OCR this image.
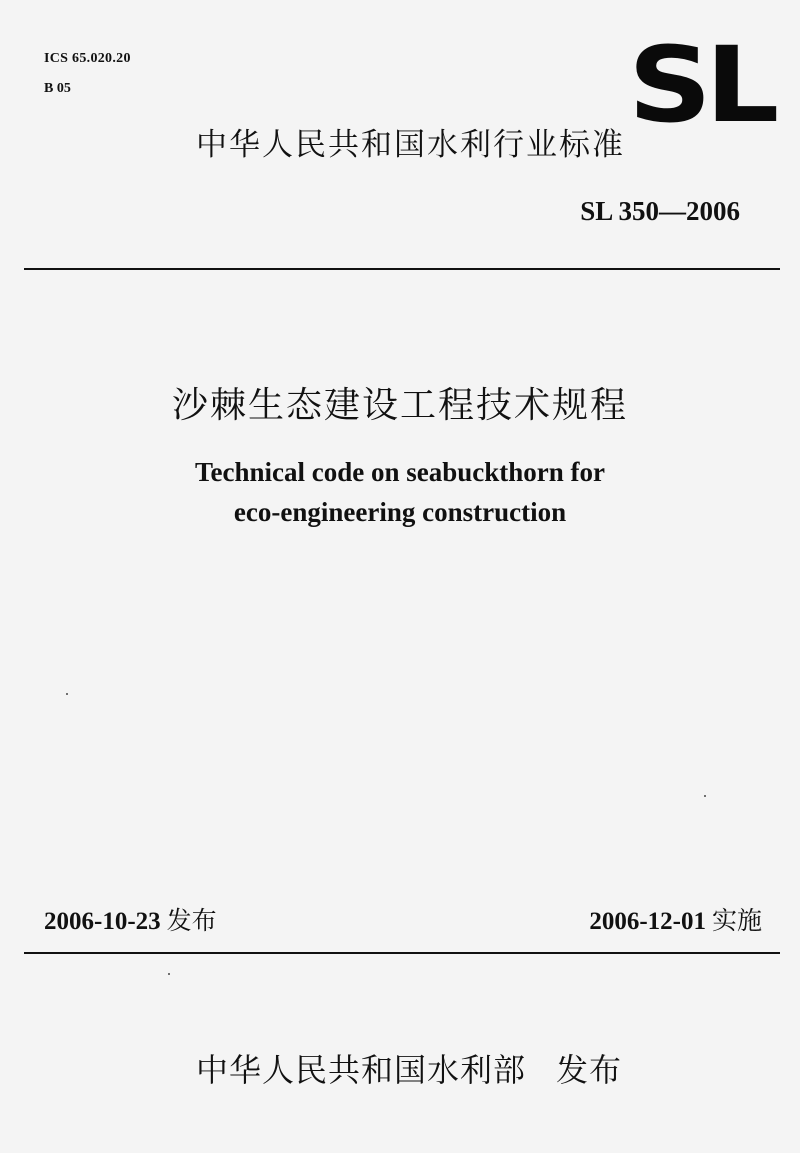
ICS 65.020.20
B 05	SL
中华人民共和国水利行业标准
SL 350—2006
沙棘生态建设工程技术规程
Technical code on seabuckthorn for
eco-engineering construction
2006-10-23 发布	2006-12-01 实施
中华人民共和国水利部 发布
